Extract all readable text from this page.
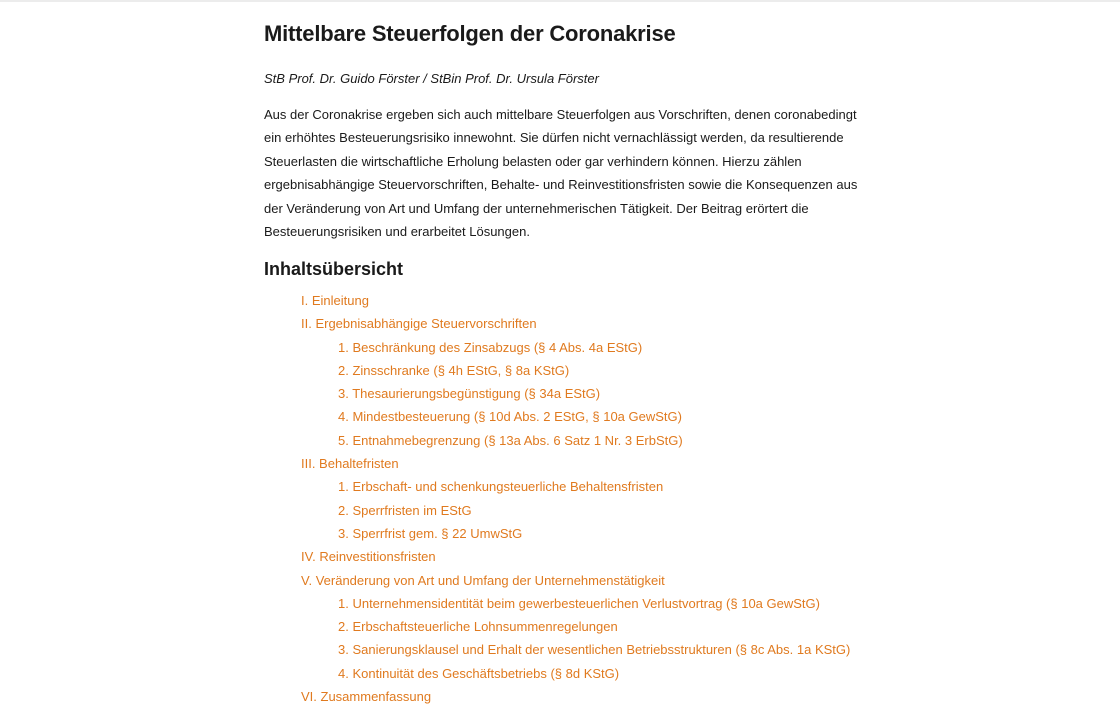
Mittelbare Steuerfolgen der Coronakrise

StB Prof. Dr. Guido Förster / StBin Prof. Dr. Ursula Förster

Aus der Coronakrise ergeben sich auch mittelbare Steuerfolgen aus Vorschriften, denen coronabedingt
ein erhöhtes Besteuerungsrisiko innewohnt. Sie dürfen nicht vernachlässigt werden, da resultierende
Steuerlasten die wirtschaftliche Erholung belasten oder gar verhindern können. Hierzu zählen
ergebnisabhängige Steuervorschriften, Behalte- und Reinvestitionsfristen sowie die Konsequenzen aus
der Veränderung von Art und Umfang der unternehmerischen Tätigkeit. Der Beitrag erörtert die
Besteuerungsrisiken und erarbeitet Lösungen.

Inhaltsübersicht
I. Einleitung
II. Ergebnisabhängige Steuervorschriften
1. Beschränkung des Zinsabzugs (§ 4 Abs. 4a EStG)
2. Zinsschranke (§ 4h EStG, § 8a KStG)
3. Thesaurierungsbegünstigung (§ 34a EStG)
4. Mindestbesteuerung (§ 10d Abs. 2 EStG, § 10a GewStG)
5. Entnahmebegrenzung (§ 13a Abs. 6 Satz 1 Nr. 3 ErbStG)
III. Behaltefristen
1. Erbschaft- und schenkungsteuerliche Behaltensfristen
2. Sperrfristen im EStG
3. Sperrfrist gem. § 22 UmwStG
IV. Reinvestitionsfristen
V. Veränderung von Art und Umfang der Unternehmenstätigkeit
1. Unternehmensidentität beim gewerbesteuerlichen Verlustvortrag (§ 10a GewStG)
2. Erbschaftsteuerliche Lohnsummenregelungen
3. Sanierungsklausel und Erhalt der wesentlichen Betriebsstrukturen (§ 8c Abs. 1a KStG)
4. Kontinuität des Geschäftsbetriebs (§ 8d KStG)
VI. Zusammenfassung
